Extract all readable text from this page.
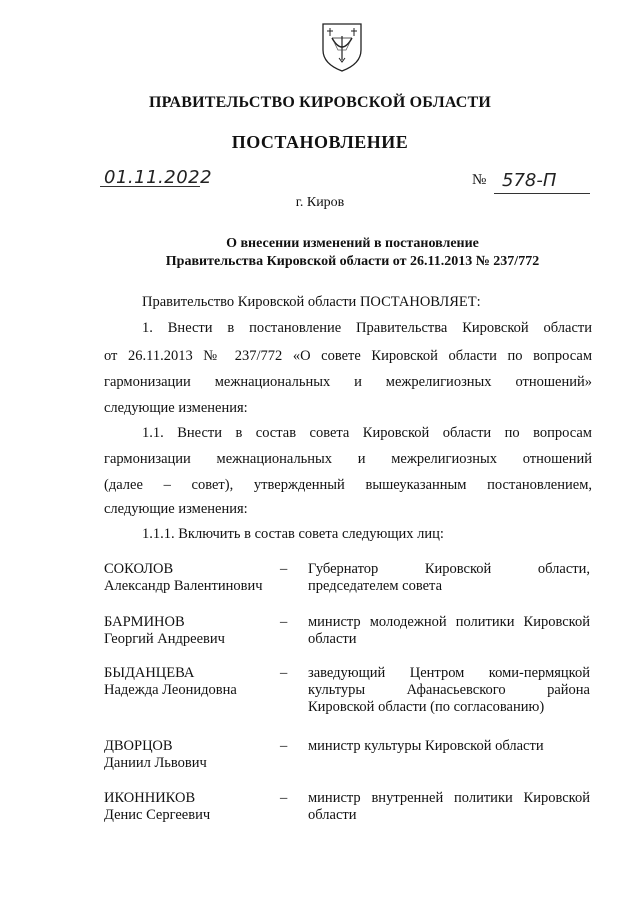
ПРАВИТЕЛЬСТВО КИРОВСКОЙ ОБЛАСТИ
ПОСТАНОВЛЕНИЕ
01.11.2022	№ 578-П
г. Киров
О внесении изменений в постановление
Правительства Кировской области от 26.11.2013 № 237/772
Правительство Кировской области ПОСТАНОВЛЯЕТ:
1. Внести в постановление Правительства Кировской области
от 26.11.2013 № 237/772 «О совете Кировской области по вопросам
гармонизации межнациональных и межрелигиозных отношений»
следующие изменения:
1.1. Внести в состав совета Кировской области по вопросам
гармонизации межнациональных и межрелигиозных отношений
(далее – совет), утвержденный вышеуказанным постановлением,
следующие изменения:
1.1.1. Включить в состав совета следующих лиц:
СОКОЛОВ
Александр Валентинович
– Губернатор Кировской области,
председателем совета
БАРМИНОВ
Георгий Андреевич
– министр молодежной политики Кировской
области
БЫДАНЦЕВА
Надежда Леонидовна
– заведующий Центром коми-пермяцкой
культуры Афанасьевского района
Кировской области (по согласованию)
ДВОРЦОВ
Даниил Львович
– министр культуры Кировской области
ИКОННИКОВ
Денис Сергеевич
– министр внутренней политики Кировской
области
